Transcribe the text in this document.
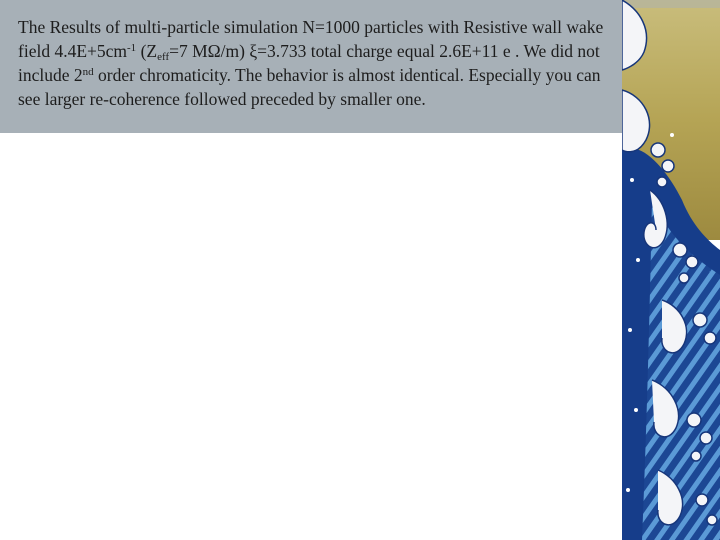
The Results of multi-particle simulation N=1000 particles with Resistive wall wake field $4.4E+5cm^{-1}$ ($Z_{eff}=7$ MΩ/m) ξ=3.733 total charge equal 2.6E+11 e . We did not include 2nd order chromaticity. The behavior is almost identical. Especially you can see larger re-coherence followed preceded by smaller one.
